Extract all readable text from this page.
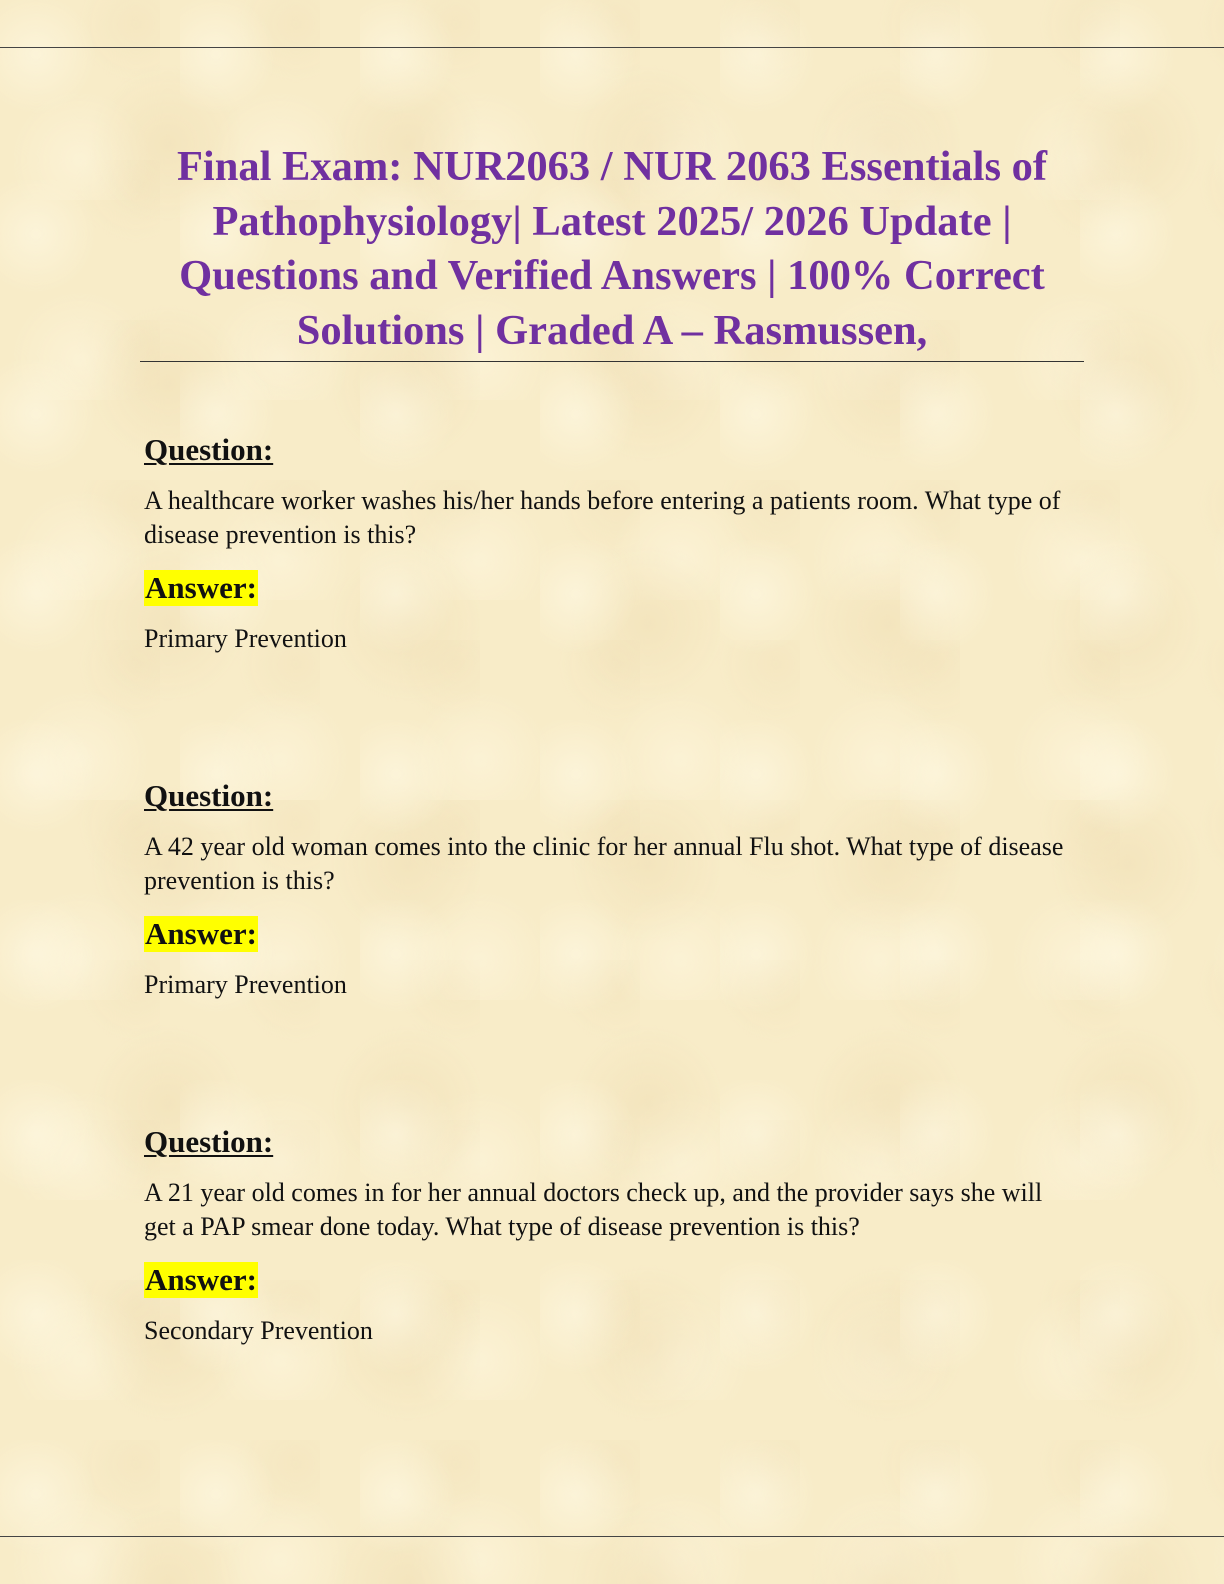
Final Exam: NUR2063 / NUR 2063 Essentials of Pathophysiology| Latest 2025/ 2026 Update | Questions and Verified Answers | 100% Correct Solutions | Graded A – Rasmussen,
Question:

A healthcare worker washes his/her hands before entering a patients room. What type of disease prevention is this?

Answer:

Primary Prevention

Question:

A 42 year old woman comes into the clinic for her annual Flu shot. What type of disease prevention is this?

Answer:

Primary Prevention

Question:

A 21 year old comes in for her annual doctors check up, and the provider says she will get a PAP smear done today. What type of disease prevention is this?

Answer:

Secondary Prevention
